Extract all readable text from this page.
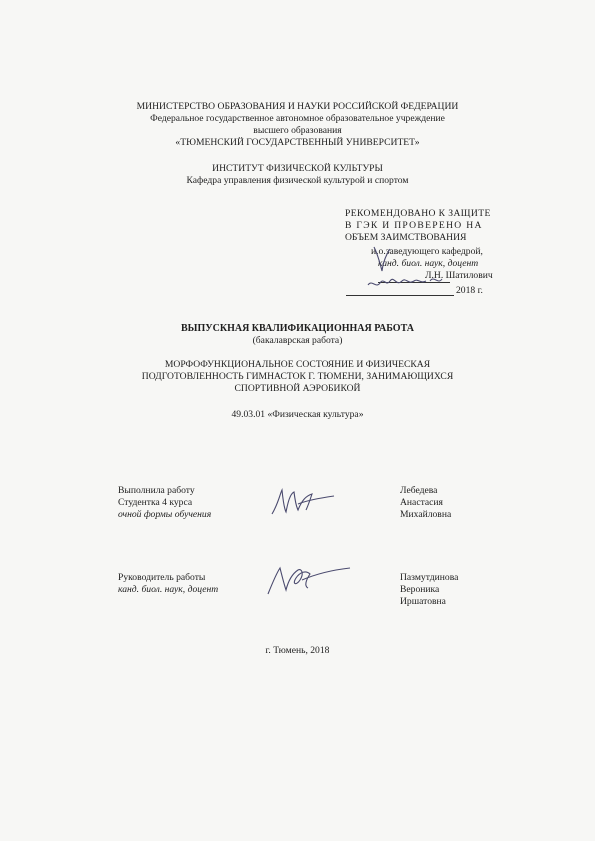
МИНИСТЕРСТВО ОБРАЗОВАНИЯ И НАУКИ РОССИЙСКОЙ ФЕДЕРАЦИИ
Федеральное государственное автономное образовательное учреждение
высшего образования
«ТЮМЕНСКИЙ ГОСУДАРСТВЕННЫЙ УНИВЕРСИТЕТ»
ИНСТИТУТ ФИЗИЧЕСКОЙ КУЛЬТУРЫ
Кафедра управления физической культурой и спортом
РЕКОМЕНДОВАНО К ЗАЩИТЕ
В ГЭК И ПРОВЕРЕНО НА
ОБЪЕМ ЗАИМСТВОВАНИЯ
и.о.заведующего кафедрой,
канд. биол. наук, доцент
Л.Н. Шатилович
2018 г.
ВЫПУСКНАЯ КВАЛИФИКАЦИОННАЯ РАБОТА
(бакалаврская работа)
МОРФОФУНКЦИОНАЛЬНОЕ СОСТОЯНИЕ И ФИЗИЧЕСКАЯ
ПОДГОТОВЛЕННОСТЬ ГИМНАСТОК Г. ТЮМЕНИ, ЗАНИМАЮЩИХСЯ
СПОРТИВНОЙ АЭРОБИКОЙ
49.03.01 «Физическая культура»
Выполнила работу
Студентка 4 курса
очной формы обучения
Лебедева
Анастасия
Михайловна
Руководитель работы
канд. биол. наук, доцент
Пазмутдинова
Вероника
Иршатовна
г. Тюмень, 2018
